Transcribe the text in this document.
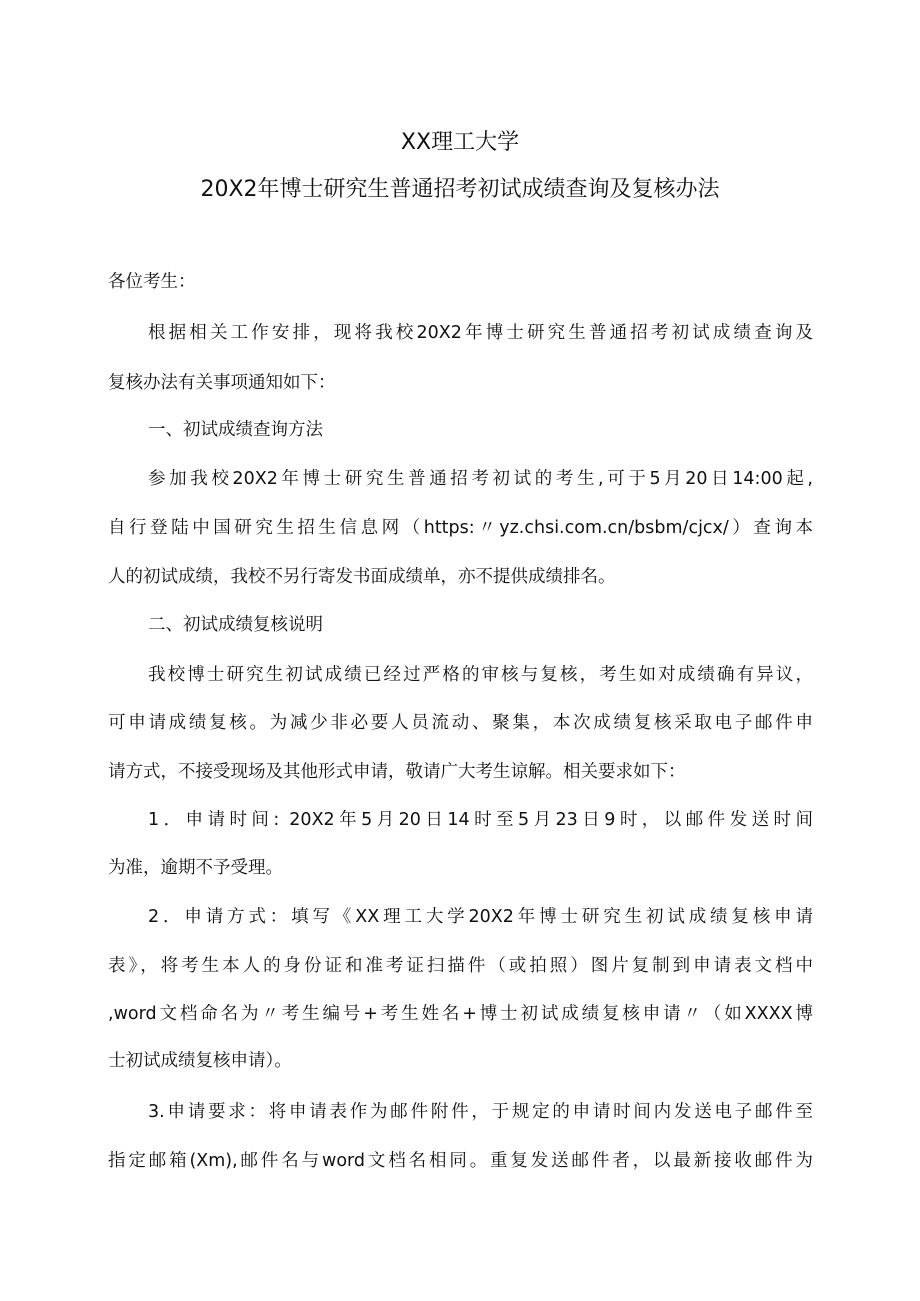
XX理工大学
20X2年博士研究生普通招考初试成绩查询及复核办法
各位考生：
根据相关工作安排，现将我校20X2年博士研究生普通招考初试成绩查询及
复核办法有关事项通知如下：
一、初试成绩查询方法
参加我校20X2年博士研究生普通招考初试的考生,可于5月20日14:00起,
自行登陆中国研究生招生信息网（https:〃yz.chsi.com.cn/bsbm/cjcx/）查询本
人的初试成绩，我校不另行寄发书面成绩单，亦不提供成绩排名。
二、初试成绩复核说明
我校博士研究生初试成绩已经过严格的审核与复核，考生如对成绩确有异议，
可申请成绩复核。为减少非必要人员流动、聚集，本次成绩复核采取电子邮件申
请方式，不接受现场及其他形式申请，敬请广大考生谅解。相关要求如下：
1．申请时间: 20X2年5月20日14时至5月23日9时，以邮件发送时间
为准，逾期不予受理。
2．申请方式：填写《XX理工大学20X2年博士研究生初试成绩复核申请
表》，将考生本人的身份证和准考证扫描件（或拍照）图片复制到申请表文档中
,word文档命名为〃考生编号+考生姓名+博士初试成绩复核申请〃（如XXXX博
士初试成绩复核申请）。
3.申请要求：将申请表作为邮件附件，于规定的申请时间内发送电子邮件至
指定邮箱(Xm),邮件名与word文档名相同。重复发送邮件者，以最新接收邮件为
